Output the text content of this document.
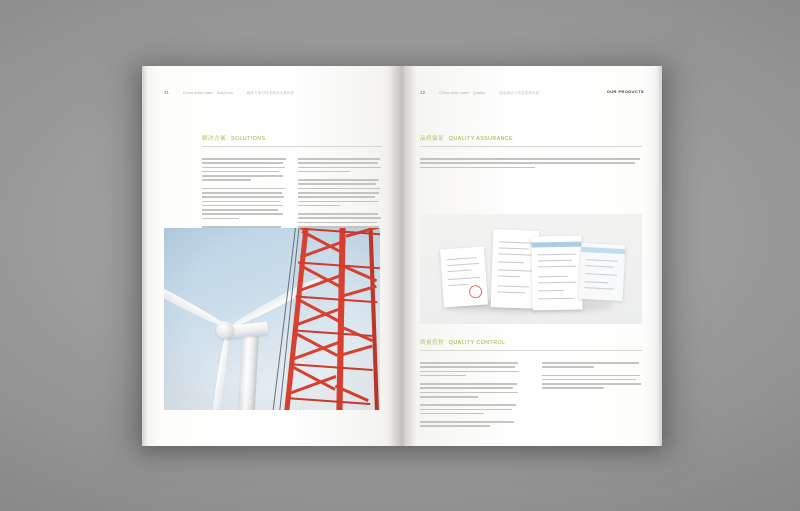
11	China wind tower · Solutions	解决方案与技术服务支持体系
解决方案 SOLUTIONS
12	China wind tower · Quality	质量保证与质量控制体系	OUR PRODUCTS
品质保证 QUALITY ASSURANCE
质量管控 QUALITY CONTROL
